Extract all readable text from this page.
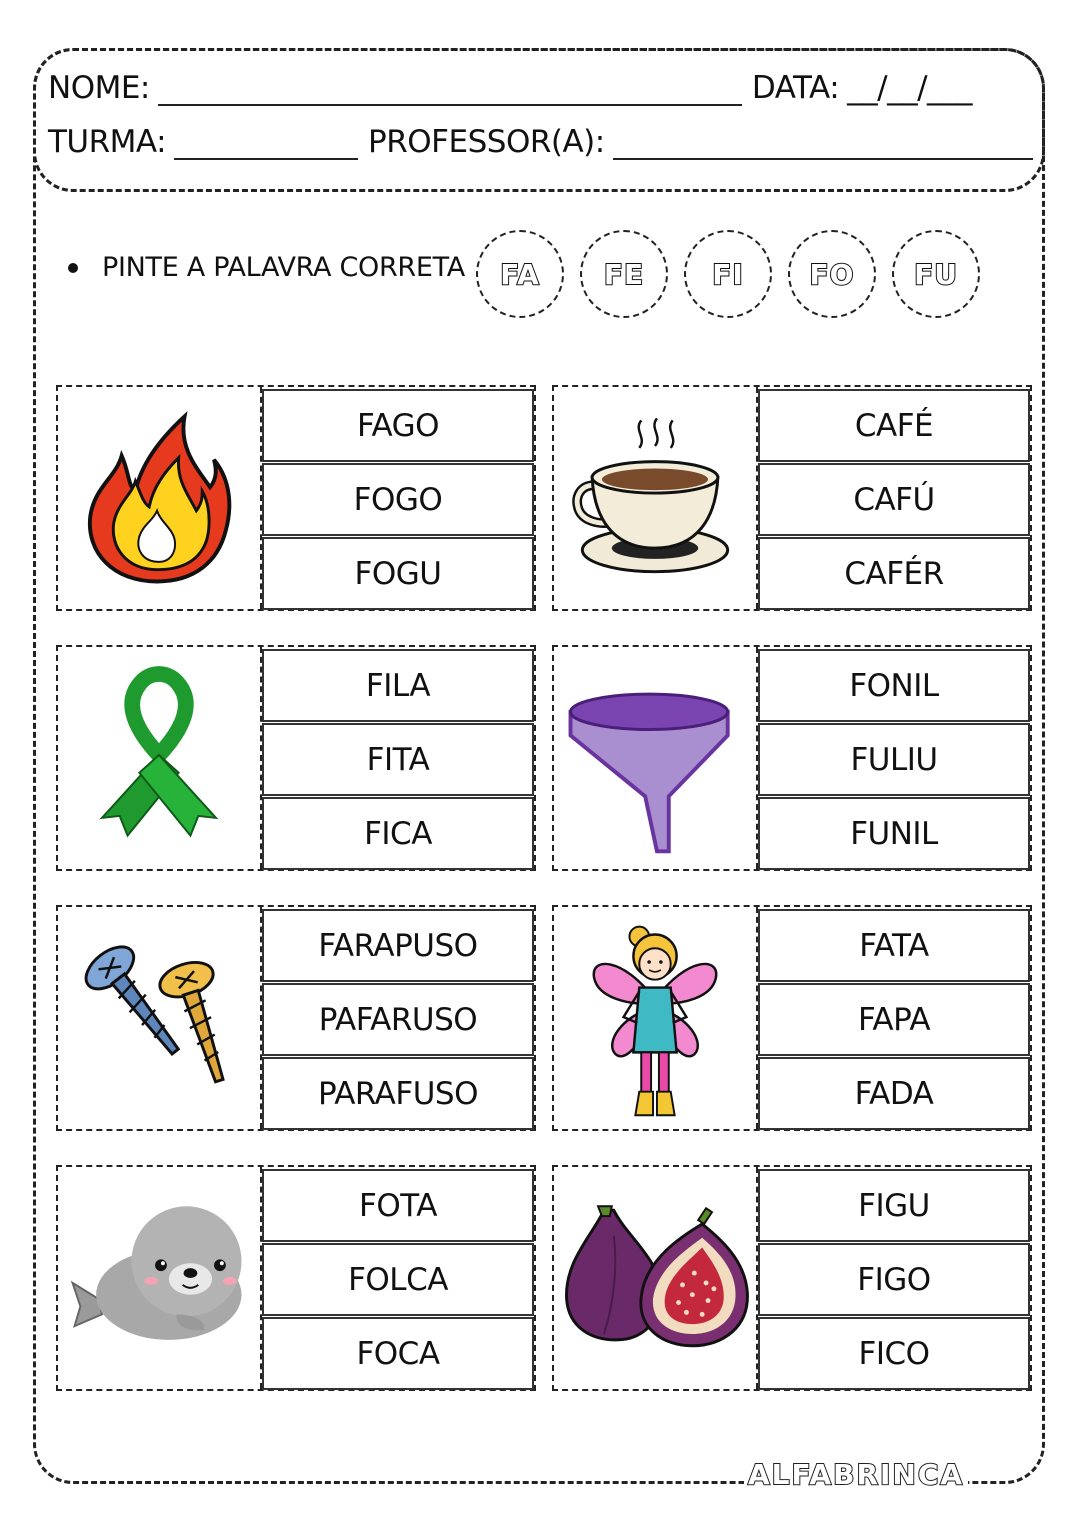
NOME:	DATA: __/__/___
TURMA:	PROFESSOR(A):
PINTE A PALAVRA CORRETA	FA	FE	FI	FO	FU
FAGO
FOGO
FOGU
CAFÉ
CAFÚ
CAFÉR
FILA
FITA
FICA
FONIL
FULIU
FUNIL
FARAPUSO
PAFARUSO
PARAFUSO
FATA
FAPA
FADA
FOTA
FOLCA
FOCA
FIGU
FIGO
FICO
ALFABRINCA
